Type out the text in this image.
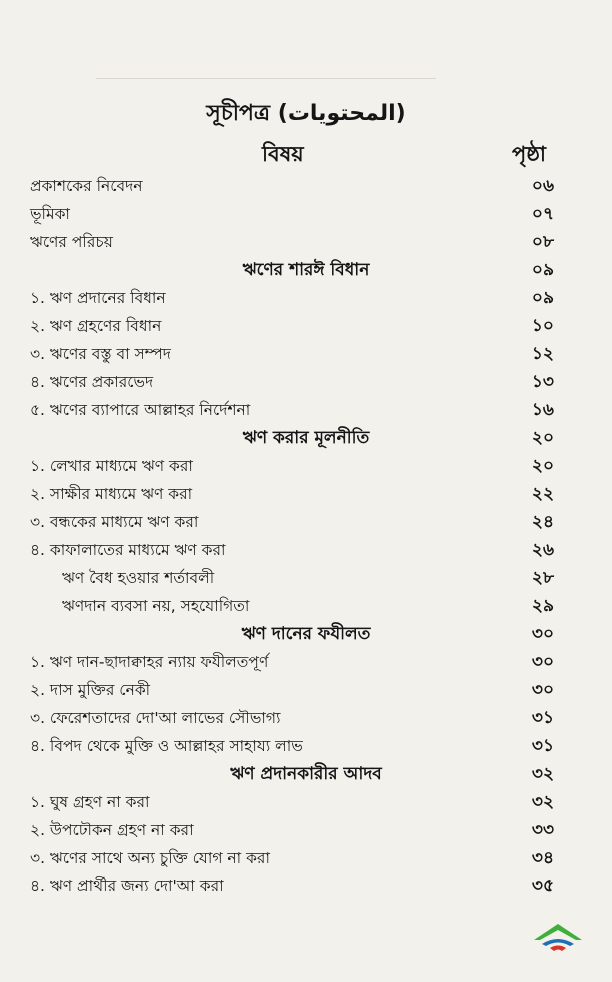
সূচীপত্র (المحتويات)
বিষয়	পৃষ্ঠা
প্রকাশকের নিবেদন	০৬
ভূমিকা	০৭
ঋণের পরিচয়	০৮
ঋণের শারঈ বিধান	০৯
১. ঋণ প্রদানের বিধান	০৯
২. ঋণ গ্রহণের বিধান	১০
৩. ঋণের বস্তু বা সম্পদ	১২
৪. ঋণের প্রকারভেদ	১৩
৫. ঋণের ব্যাপারে আল্লাহর নির্দেশনা	১৬
ঋণ করার মূলনীতি	২০
১. লেখার মাধ্যমে ঋণ করা	২০
২. সাক্ষীর মাধ্যমে ঋণ করা	২২
৩. বন্ধকের মাধ্যমে ঋণ করা	২৪
৪. কাফালাতের মাধ্যমে ঋণ করা	২৬
ঋণ বৈধ হওয়ার শর্তাবলী	২৮
ঋণদান ব্যবসা নয়, সহযোগিতা	২৯
ঋণ দানের ফযীলত	৩০
১. ঋণ দান-ছাদাক্বাহর ন্যায় ফযীলতপূর্ণ	৩০
২. দাস মুক্তির নেকী	৩০
৩. ফেরেশতাদের দো'আ লাভের সৌভাগ্য	৩১
৪. বিপদ থেকে মুক্তি ও আল্লাহর সাহায্য লাভ	৩১
ঋণ প্রদানকারীর আদব	৩২
১. ঘুষ গ্রহণ না করা	৩২
২. উপঢৌকন গ্রহণ না করা	৩৩
৩. ঋণের সাথে অন্য চুক্তি যোগ না করা	৩৪
৪. ঋণ প্রার্থীর জন্য দো'আ করা	৩৫
